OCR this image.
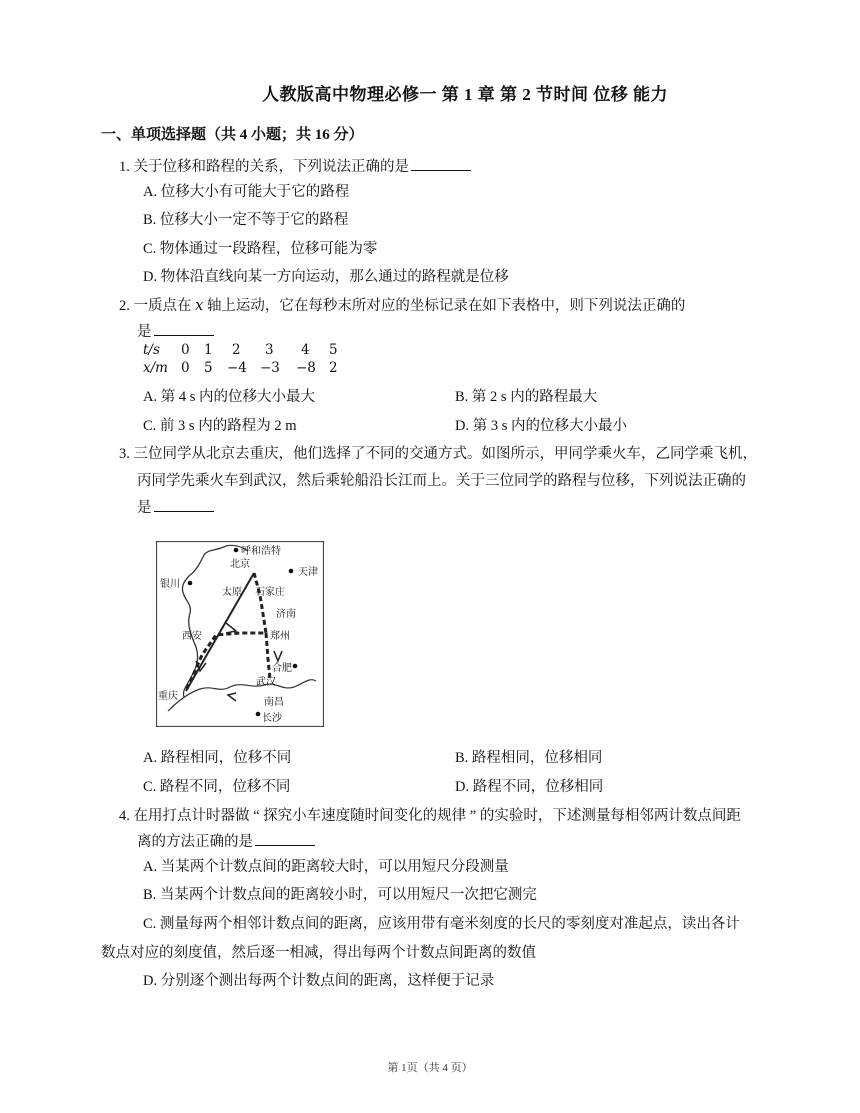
人教版高中物理必修一 第 1 章 第 2 节时间 位移 能力
一、单项选择题（共 4 小题；共 16 分）
1. 关于位移和路程的关系，下列说法正确的是
A. 位移大小有可能大于它的路程
B. 位移大小一定不等于它的路程
C. 物体通过一段路程，位移可能为零
D. 物体沿直线向某一方向运动，那么通过的路程就是位移
2. 一质点在 x 轴上运动，它在每秒末所对应的坐标记录在如下表格中，则下列说法正确的
是
t/s 0 1 2 3 4 5
x/m 0 5 −4 −3 −8 2
A. 第 4 s 内的位移大小最大	B. 第 2 s 内的路程最大
C. 前 3 s 内的路程为 2 m	D. 第 3 s 内的位移大小最小
3. 三位同学从北京去重庆，他们选择了不同的交通方式。如图所示，甲同学乘火车，乙同学乘飞机，
丙同学先乘火车到武汉，然后乘轮船沿长江而上。关于三位同学的路程与位移，下列说法正确的
是
呼和浩特
北京
天津
银川
太原 石家庄
济南
西安	郑州
合肥
武汉
重庆
南昌
长沙
A. 路程相同，位移不同	B. 路程相同，位移相同
C. 路程不同，位移不同	D. 路程不同，位移相同
4. 在用打点计时器做 “ 探究小车速度随时间变化的规律 ” 的实验时，下述测量每相邻两计数点间距
离的方法正确的是
A. 当某两个计数点间的距离较大时，可以用短尺分段测量
B. 当某两个计数点间的距离较小时，可以用短尺一次把它测完
C. 测量每两个相邻计数点间的距离，应该用带有毫米刻度的长尺的零刻度对准起点，读出各计
数点对应的刻度值，然后逐一相减，得出每两个计数点间距离的数值
D. 分别逐个测出每两个计数点间的距离，这样便于记录
第 1页（共 4 页）
